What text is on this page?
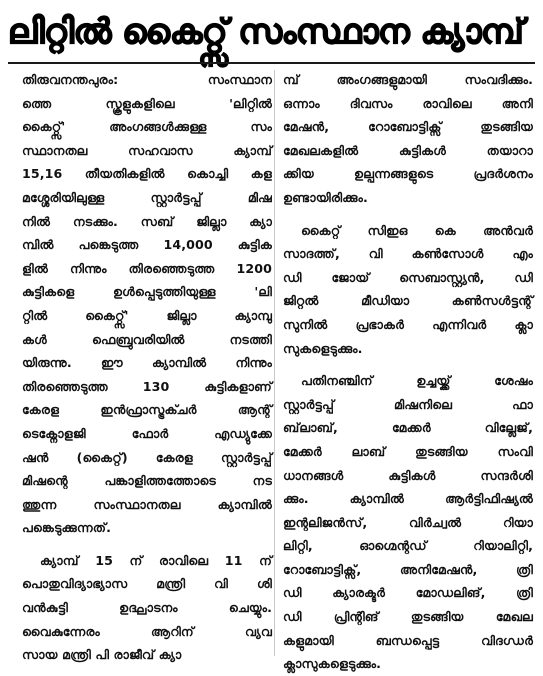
ലിറ്റിൽ കൈറ്റ്സ് സംസ്ഥാന ക്യാമ്പ്
തിരുവനന്തപുരം: സംസ്ഥാന
ത്തെ സ്കൂളുകളിലെ 'ലിറ്റിൽ
കൈറ്റ്സ്' അംഗങ്ങൾക്കുള്ള സം
സ്ഥാനതല സഹവാസ ക്യാമ്പ്
15,16 തീയതികളിൽ കൊച്ചി കള
മശ്ശേരിയിലുള്ള സ്റ്റാർട്ടപ്പ് മിഷ
നിൽ നടക്കും. സബ് ജില്ലാ ക്യാ
മ്പിൽ പങ്കെടുത്ത 14,000 കുട്ടിക
ളിൽ നിന്നും തിരഞ്ഞെടുത്ത 1200
കുട്ടികളെ ഉൾപ്പെടുത്തിയുള്ള 'ലി
റ്റിൽ കൈറ്റ്സ്' ജില്ലാ ക്യാമ്പു
കൾ ഫെബ്രുവരിയിൽ നടത്തി
യിരുന്നു. ഈ ക്യാമ്പിൽ നിന്നും
തിരഞ്ഞെടുത്ത 130 കുട്ടികളാണ്
കേരള ഇൻഫ്രാസ്ട്രക്ചർ ആന്റ്
ടെക്നോളജി ഫോർ എഡ്യുക്കേ
ഷൻ (കൈറ്റ്) കേരള സ്റ്റാർട്ടപ്പ്
മിഷന്റെ പങ്കാളിത്തത്തോടെ നട
ത്തുന്ന സംസ്ഥാനതല ക്യാമ്പിൽ
പങ്കെടുക്കുന്നത്.
ക്യാമ്പ് 15 ന് രാവിലെ 11 ന്
പൊതുവിദ്യാഭ്യാസ മന്ത്രി വി ശി
വൻകുട്ടി ഉദ്ഘാടനം ചെയ്യും.
വൈകുന്നേരം ആറിന് വ്യവ
സായ മന്ത്രി പി രാജീവ് ക്യാ
മ്പ് അംഗങ്ങളുമായി സംവദിക്കും.
ഒന്നാം ദിവസം രാവിലെ അനി
മേഷൻ, റോബോട്ടിക്സ് തുടങ്ങിയ
മേഖലകളിൽ കുട്ടികൾ തയാറാ
ക്കിയ ഉല്പന്നങ്ങളുടെ പ്രദർശനം
ഉണ്ടായിരിക്കും.
കൈറ്റ് സിഇഒ കെ അൻവർ
സാദത്ത്, വി കൺസോൾ എം
ഡി ജോയ് സെബാസ്റ്റ്യൻ, ഡി
ജിറ്റൽ മീഡിയാ കൺസൾട്ടന്റ്
സുനിൽ പ്രഭാകർ എന്നിവർ ക്ലാ
സുകളെടുക്കും.
പതിനഞ്ചിന് ഉച്ചയ്ക്ക് ശേഷം
സ്റ്റാർട്ടപ്പ് മിഷനിലെ ഫാ
ബ്‌ലാബ്, മേക്കർ വില്ലേജ്,
മേക്കർ ലാബ് തുടങ്ങിയ സംവി
ധാനങ്ങൾ കുട്ടികൾ സന്ദർശി
ക്കും. ക്യാമ്പിൽ ആർട്ടിഫിഷ്യൽ
ഇന്റലിജൻസ്, വിർച്വൽ റിയാ
ലിറ്റി, ഓഗ്മെന്റഡ് റിയാലിറ്റി,
റോബോട്ടിക്സ്, അനിമേഷൻ, ത്രി
ഡി ക്യാരക്ടർ മോഡലിങ്, ത്രി
ഡി പ്രിന്റിങ് തുടങ്ങിയ മേഖല
കളുമായി ബന്ധപ്പെട്ട വിദഗ്ധർ
ക്ലാസുകളെടുക്കും.
